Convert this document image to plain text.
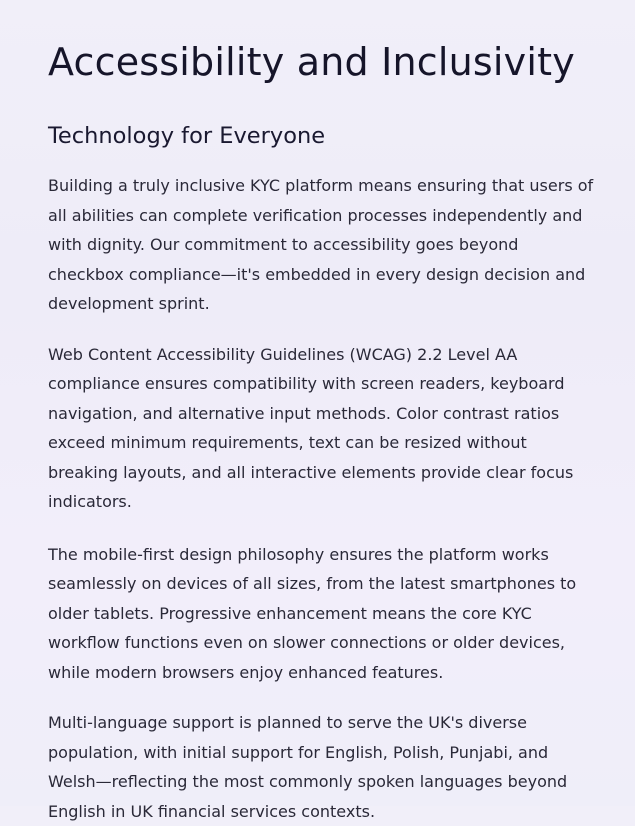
Accessibility and Inclusivity
Technology for Everyone

Building a truly inclusive KYC platform means ensuring that users of all abilities can complete verification processes independently and with dignity. Our commitment to accessibility goes beyond checkbox compliance—it's embedded in every design decision and development sprint.

Web Content Accessibility Guidelines (WCAG) 2.2 Level AA compliance ensures compatibility with screen readers, keyboard navigation, and alternative input methods. Color contrast ratios exceed minimum requirements, text can be resized without breaking layouts, and all interactive elements provide clear focus indicators.

The mobile-first design philosophy ensures the platform works seamlessly on devices of all sizes, from the latest smartphones to older tablets. Progressive enhancement means the core KYC workflow functions even on slower connections or older devices, while modern browsers enjoy enhanced features.

Multi-language support is planned to serve the UK's diverse population, with initial support for English, Polish, Punjabi, and Welsh—reflecting the most commonly spoken languages beyond English in UK financial services contexts.
